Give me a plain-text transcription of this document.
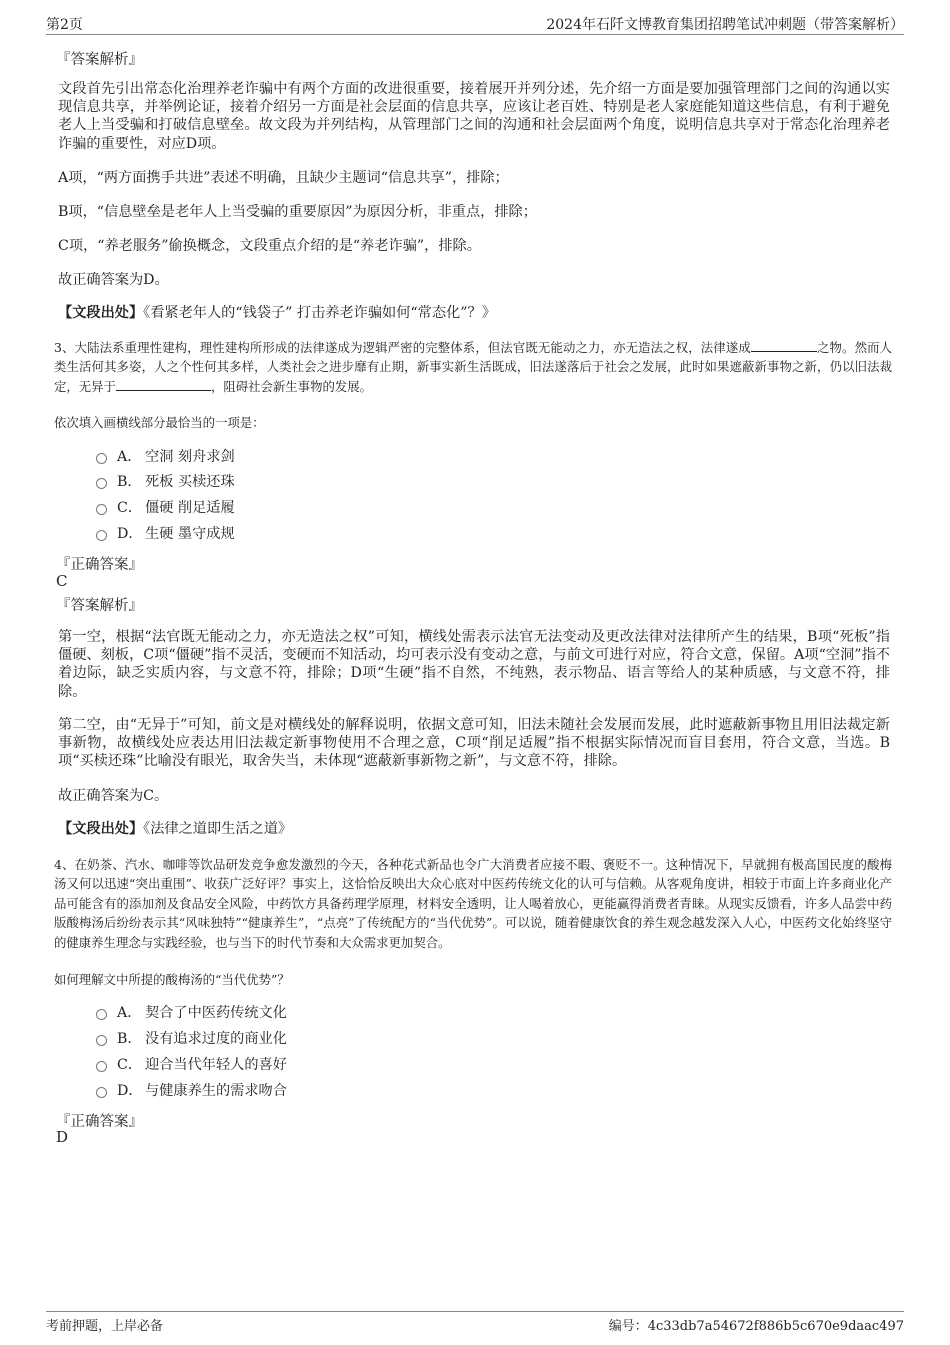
第2页	2024年石阡文博教育集团招聘笔试冲刺题（带答案解析）
『答案解析』

文段首先引出常态化治理养老诈骗中有两个方面的改进很重要，接着展开并列分述，先介绍一方面是要加强管理部门之间的沟通以实现信息共享，并举例论证，接着介绍另一方面是社会层面的信息共享，应该让老百姓、特别是老人家庭能知道这些信息，有利于避免老人上当受骗和打破信息壁垒。故文段为并列结构，从管理部门之间的沟通和社会层面两个角度，说明信息共享对于常态化治理养老诈骗的重要性，对应D项。

A项，“两方面携手共进”表述不明确，且缺少主题词“信息共享”，排除；

B项，“信息壁垒是老年人上当受骗的重要原因”为原因分析，非重点，排除；

C项，“养老服务”偷换概念，文段重点介绍的是“养老诈骗”，排除。

故正确答案为D。

【文段出处】《看紧老年人的“钱袋子” 打击养老诈骗如何“常态化”？》

3、大陆法系重理性建构，理性建构所形成的法律遂成为逻辑严密的完整体系，但法官既无能动之力，亦无造法之权，法律遂成	之物。然而人类生活何其多姿，人之个性何其多样，人类社会之进步靡有止期，新事实新生活既成，旧法遂落后于社会之发展，此时如果遮蔽新事物之新，仍以旧法裁定，无异于	，阻碍社会新生事物的发展。

依次填入画横线部分最恰当的一项是：
A． 空洞 刻舟求剑
B． 死板 买椟还珠
C． 僵硬 削足适履
D． 生硬 墨守成规
『正确答案』
C
『答案解析』

第一空，根据“法官既无能动之力，亦无造法之权”可知，横线处需表示法官无法变动及更改法律对法律所产生的结果，B项“死板”指僵硬、刻板，C项“僵硬”指不灵活，变硬而不知活动，均可表示没有变动之意，与前文可进行对应，符合文意，保留。A项“空洞”指不着边际，缺乏实质内容，与文意不符，排除；D项“生硬”指不自然，不纯熟，表示物品、语言等给人的某种质感，与文意不符，排除。

第二空，由“无异于”可知，前文是对横线处的解释说明，依据文意可知，旧法未随社会发展而发展，此时遮蔽新事物且用旧法裁定新事新物，故横线处应表达用旧法裁定新事物使用不合理之意，C项“削足适履”指不根据实际情况而盲目套用，符合文意，当选。B项“买椟还珠”比喻没有眼光，取舍失当，未体现“遮蔽新事新物之新”，与文意不符，排除。

故正确答案为C。

【文段出处】《法律之道即生活之道》

4、在奶茶、汽水、咖啡等饮品研发竞争愈发激烈的今天，各种花式新品也令广大消费者应接不暇、褒贬不一。这种情况下，早就拥有极高国民度的酸梅汤又何以迅速“突出重围”、收获广泛好评？事实上，这恰恰反映出大众心底对中医药传统文化的认可与信赖。从客观角度讲，相较于市面上许多商业化产品可能含有的添加剂及食品安全风险，中药饮方具备药理学原理，材料安全透明，让人喝着放心，更能赢得消费者青睐。从现实反馈看，许多人品尝中药版酸梅汤后纷纷表示其“风味独特”“健康养生”，“点亮”了传统配方的“当代优势”。可以说，随着健康饮食的养生观念越发深入人心，中医药文化始终坚守的健康养生理念与实践经验，也与当下的时代节奏和大众需求更加契合。

如何理解文中所提的酸梅汤的“当代优势”？
A． 契合了中医药传统文化
B． 没有追求过度的商业化
C． 迎合当代年轻人的喜好
D． 与健康养生的需求吻合
『正确答案』
D
考前押题，上岸必备	编号：4c33db7a54672f886b5c670e9daac497
